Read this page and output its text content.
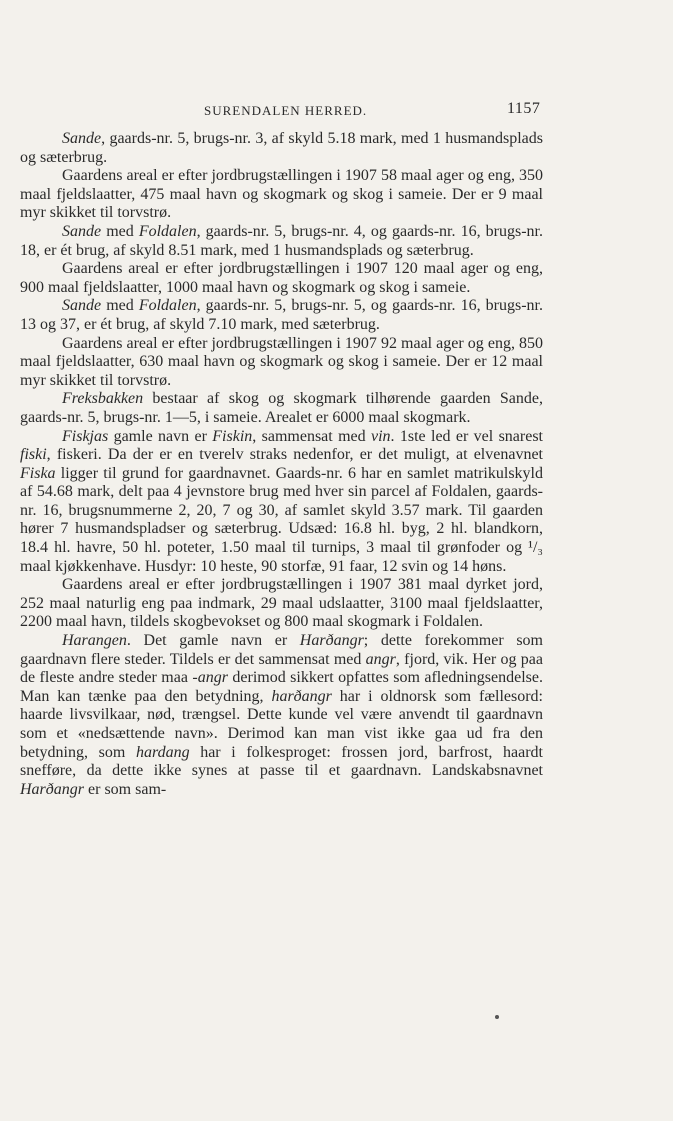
SURENDALEN HERRED.	1157

Sande, gaards-nr. 5, brugs-nr. 3, af skyld 5.18 mark, med 1 husmandsplads og sæterbrug.

Gaardens areal er efter jordbrugstællingen i 1907 58 maal ager og eng, 350 maal fjeldslaatter, 475 maal havn og skogmark og skog i sameie. Der er 9 maal myr skikket til torvstrø.

Sande med Foldalen, gaards-nr. 5, brugs-nr. 4, og gaards-nr. 16, brugs-nr. 18, er ét brug, af skyld 8.51 mark, med 1 husmandsplads og sæterbrug.

Gaardens areal er efter jordbrugstællingen i 1907 120 maal ager og eng, 900 maal fjeldslaatter, 1000 maal havn og skogmark og skog i sameie.

Sande med Foldalen, gaards-nr. 5, brugs-nr. 5, og gaards-nr. 16, brugs-nr. 13 og 37, er ét brug, af skyld 7.10 mark, med sæterbrug.

Gaardens areal er efter jordbrugstællingen i 1907 92 maal ager og eng, 850 maal fjeldslaatter, 630 maal havn og skogmark og skog i sameie. Der er 12 maal myr skikket til torvstrø.

Freksbakken bestaar af skog og skogmark tilhørende gaarden Sande, gaards-nr. 5, brugs-nr. 1—5, i sameie. Arealet er 6000 maal skogmark.

Fiskjas gamle navn er Fiskin, sammensat med vin. 1ste led er vel snarest fiski, fiskeri. Da der er en tverelv straks nedenfor, er det muligt, at elvenavnet Fiska ligger til grund for gaardnavnet. Gaards-nr. 6 har en samlet matrikulskyld af 54.68 mark, delt paa 4 jevnstore brug med hver sin parcel af Foldalen, gaards-nr. 16, brugsnummerne 2, 20, 7 og 30, af samlet skyld 3.57 mark. Til gaarden hører 7 husmandspladser og sæterbrug. Udsæd: 16.8 hl. byg, 2 hl. blandkorn, 18.4 hl. havre, 50 hl. poteter, 1.50 maal til turnips, 3 maal til grønfoder og ¹/₃ maal kjøkkenhave. Husdyr: 10 heste, 90 storfæ, 91 faar, 12 svin og 14 høns.

Gaardens areal er efter jordbrugstællingen i 1907 381 maal dyrket jord, 252 maal naturlig eng paa indmark, 29 maal udslaatter, 3100 maal fjeldslaatter, 2200 maal havn, tildels skogbevokset og 800 maal skogmark i Foldalen.

Harangen. Det gamle navn er Harðangr; dette forekommer som gaardnavn flere steder. Tildels er det sammensat med angr, fjord, vik. Her og paa de fleste andre steder maa -angr derimod sikkert opfattes som afledningsendelse. Man kan tænke paa den betydning, harðangr har i oldnorsk som fællesord: haarde livsvilkaar, nød, trængsel. Dette kunde vel være anvendt til gaardnavn som et «nedsættende navn». Derimod kan man vist ikke gaa ud fra den betydning, som hardang har i folkesproget: frossen jord, barfrost, haardt snefføre, da dette ikke synes at passe til et gaardnavn. Landskabsnavnet Harðangr er som sam-
